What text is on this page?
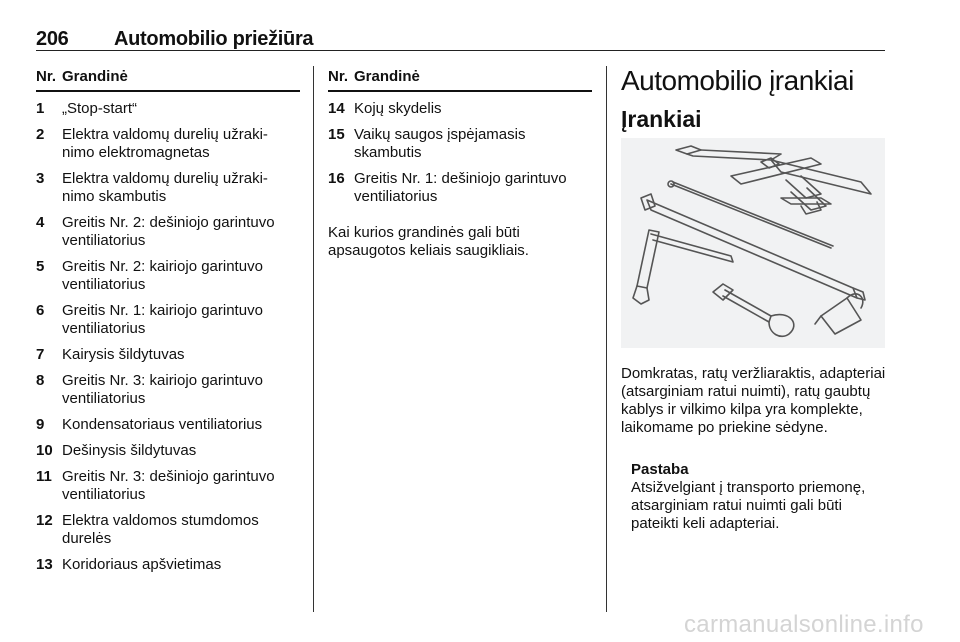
206 Automobilio priežiūra
Nr. Grandinė
1 „Stop-start“
2 Elektra valdomų durelių užraki- nimo elektromagnetas
3 Elektra valdomų durelių užraki- nimo skambutis
4 Greitis Nr. 2: dešiniojo garintuvo ventiliatorius
5 Greitis Nr. 2: kairiojo garintuvo ventiliatorius
6 Greitis Nr. 1: kairiojo garintuvo ventiliatorius
7 Kairysis šildytuvas
8 Greitis Nr. 3: kairiojo garintuvo ventiliatorius
9 Kondensatoriaus ventiliatorius
10 Dešinysis šildytuvas
11 Greitis Nr. 3: dešiniojo garintuvo ventiliatorius
12 Elektra valdomos stumdomos durelės
13 Koridoriaus apšvietimas
Nr. Grandinė
14 Kojų skydelis
15 Vaikų saugos įspėjamasis skambutis
16 Greitis Nr. 1: dešiniojo garintuvo ventiliatorius
Kai kurios grandinės gali būti apsaugotos keliais saugikliais.
Automobilio įrankiai
Įrankiai
Domkratas, ratų veržliaraktis, adapteriai (atsarginiam ratui nuimti), ratų gaubtų kablys ir vilkimo kilpa yra komplekte, laikomame po priekine sėdyne.
Pastaba
Atsižvelgiant į transporto priemonę, atsarginiam ratui nuimti gali būti pateikti keli adapteriai.
carmanualsonline.info
